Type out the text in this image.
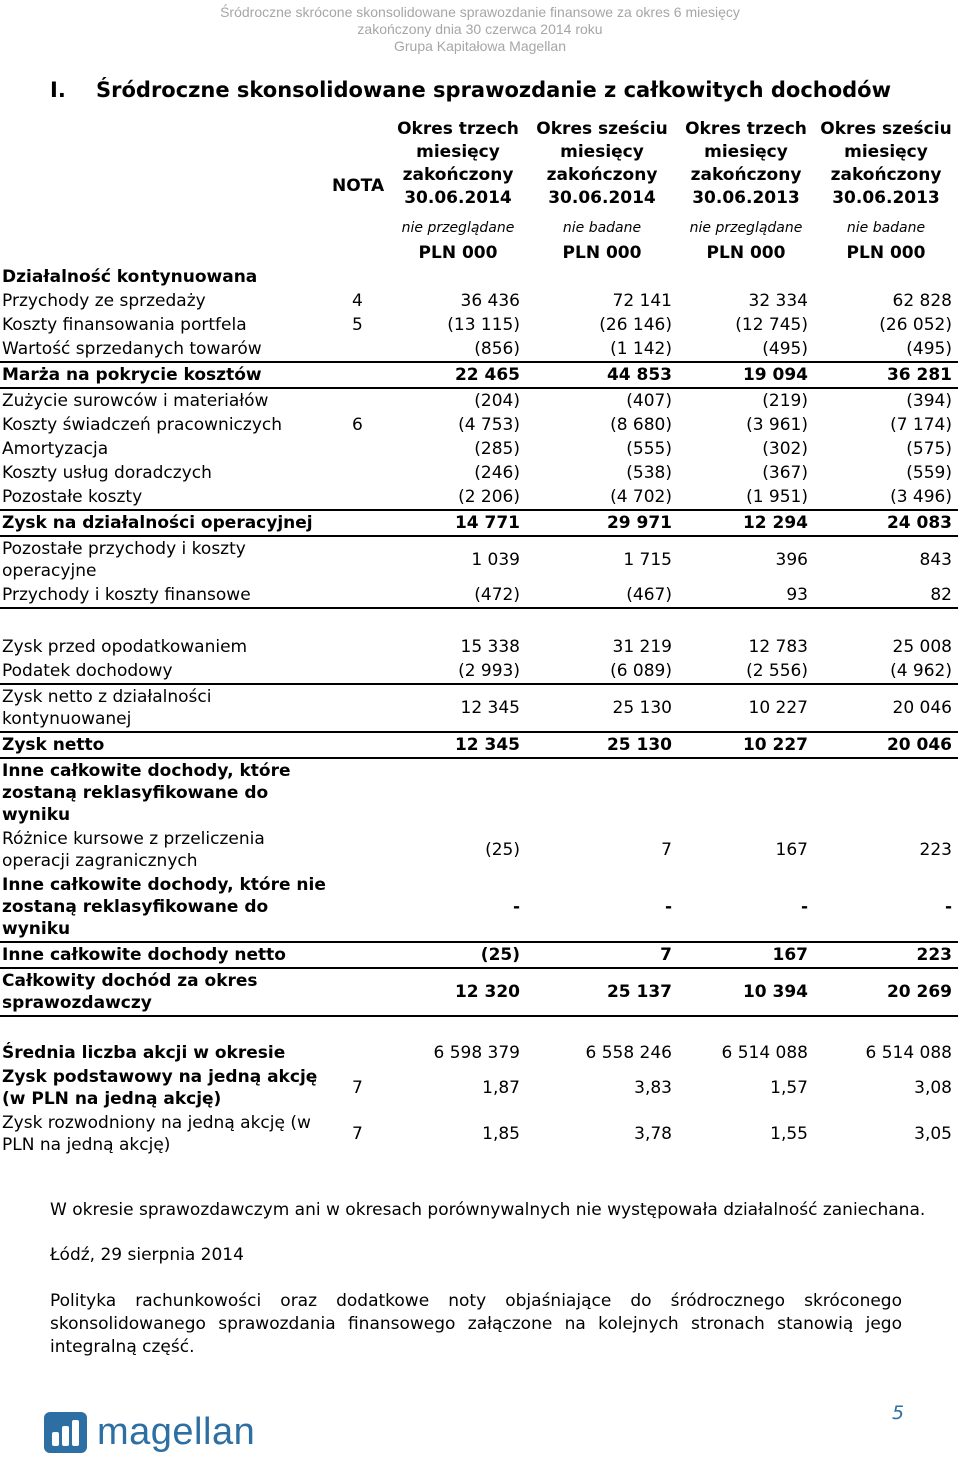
Śródroczne skrócone skonsolidowane sprawozdanie finansowe za okres 6 miesięcy
zakończony dnia 30 czerwca 2014 roku
Grupa Kapitałowa Magellan
I. Śródroczne skonsolidowane sprawozdanie z całkowitych dochodów
NOTA
Okres trzech
miesięcy
zakończony
30.06.2014
nie przeglądane
PLN 000
Okres sześciu
miesięcy
zakończony
30.06.2014
nie badane
PLN 000
Okres trzech
miesięcy
zakończony
30.06.2013
nie przeglądane
PLN 000
Okres sześciu
miesięcy
zakończony
30.06.2013
nie badane
PLN 000
Działalność kontynuowana					
Przychody ze sprzedaży	4	36 436	72 141	32 334	62 828
Koszty finansowania portfela	5	(13 115)	(26 146)	(12 745)	(26 052)
Wartość sprzedanych towarów		(856)	(1 142)	(495)	(495)
Marża na pokrycie kosztów		22 465	44 853	19 094	36 281
Zużycie surowców i materiałów		(204)	(407)	(219)	(394)
Koszty świadczeń pracowniczych	6	(4 753)	(8 680)	(3 961)	(7 174)
Amortyzacja		(285)	(555)	(302)	(575)
Koszty usług doradczych		(246)	(538)	(367)	(559)
Pozostałe koszty		(2 206)	(4 702)	(1 951)	(3 496)
Zysk na działalności operacyjnej		14 771	29 971	12 294	24 083
Pozostałe przychody i koszty operacyjne		1 039	1 715	396	843
Przychody i koszty finansowe		(472)	(467)	93	82

Zysk przed opodatkowaniem		15 338	31 219	12 783	25 008
Podatek dochodowy		(2 993)	(6 089)	(2 556)	(4 962)
Zysk netto z działalności kontynuowanej		12 345	25 130	10 227	20 046
Zysk netto		12 345	25 130	10 227	20 046
Inne całkowite dochody, które zostaną reklasyfikowane do wyniku					
Różnice kursowe z przeliczenia operacji zagranicznych		(25)	7	167	223
Inne całkowite dochody, które nie zostaną reklasyfikowane do wyniku		-	-	-	-
Inne całkowite dochody netto		(25)	7	167	223
Całkowity dochód za okres sprawozdawczy		12 320	25 137	10 394	20 269

Średnia liczba akcji w okresie		6 598 379	6 558 246	6 514 088	6 514 088
Zysk podstawowy na jedną akcję (w PLN na jedną akcję)	7	1,87	3,83	1,57	3,08
Zysk rozwodniony na jedną akcję (w PLN na jedną akcję)	7	1,85	3,78	1,55	3,05
W okresie sprawozdawczym ani w okresach porównywalnych nie występowała działalność zaniechana.
Łódź, 29 sierpnia 2014
Polityka rachunkowości oraz dodatkowe noty objaśniające do śródrocznego skróconego skonsolidowanego sprawozdania finansowego załączone na kolejnych stronach stanowią jego integralną część.
magellan	5
